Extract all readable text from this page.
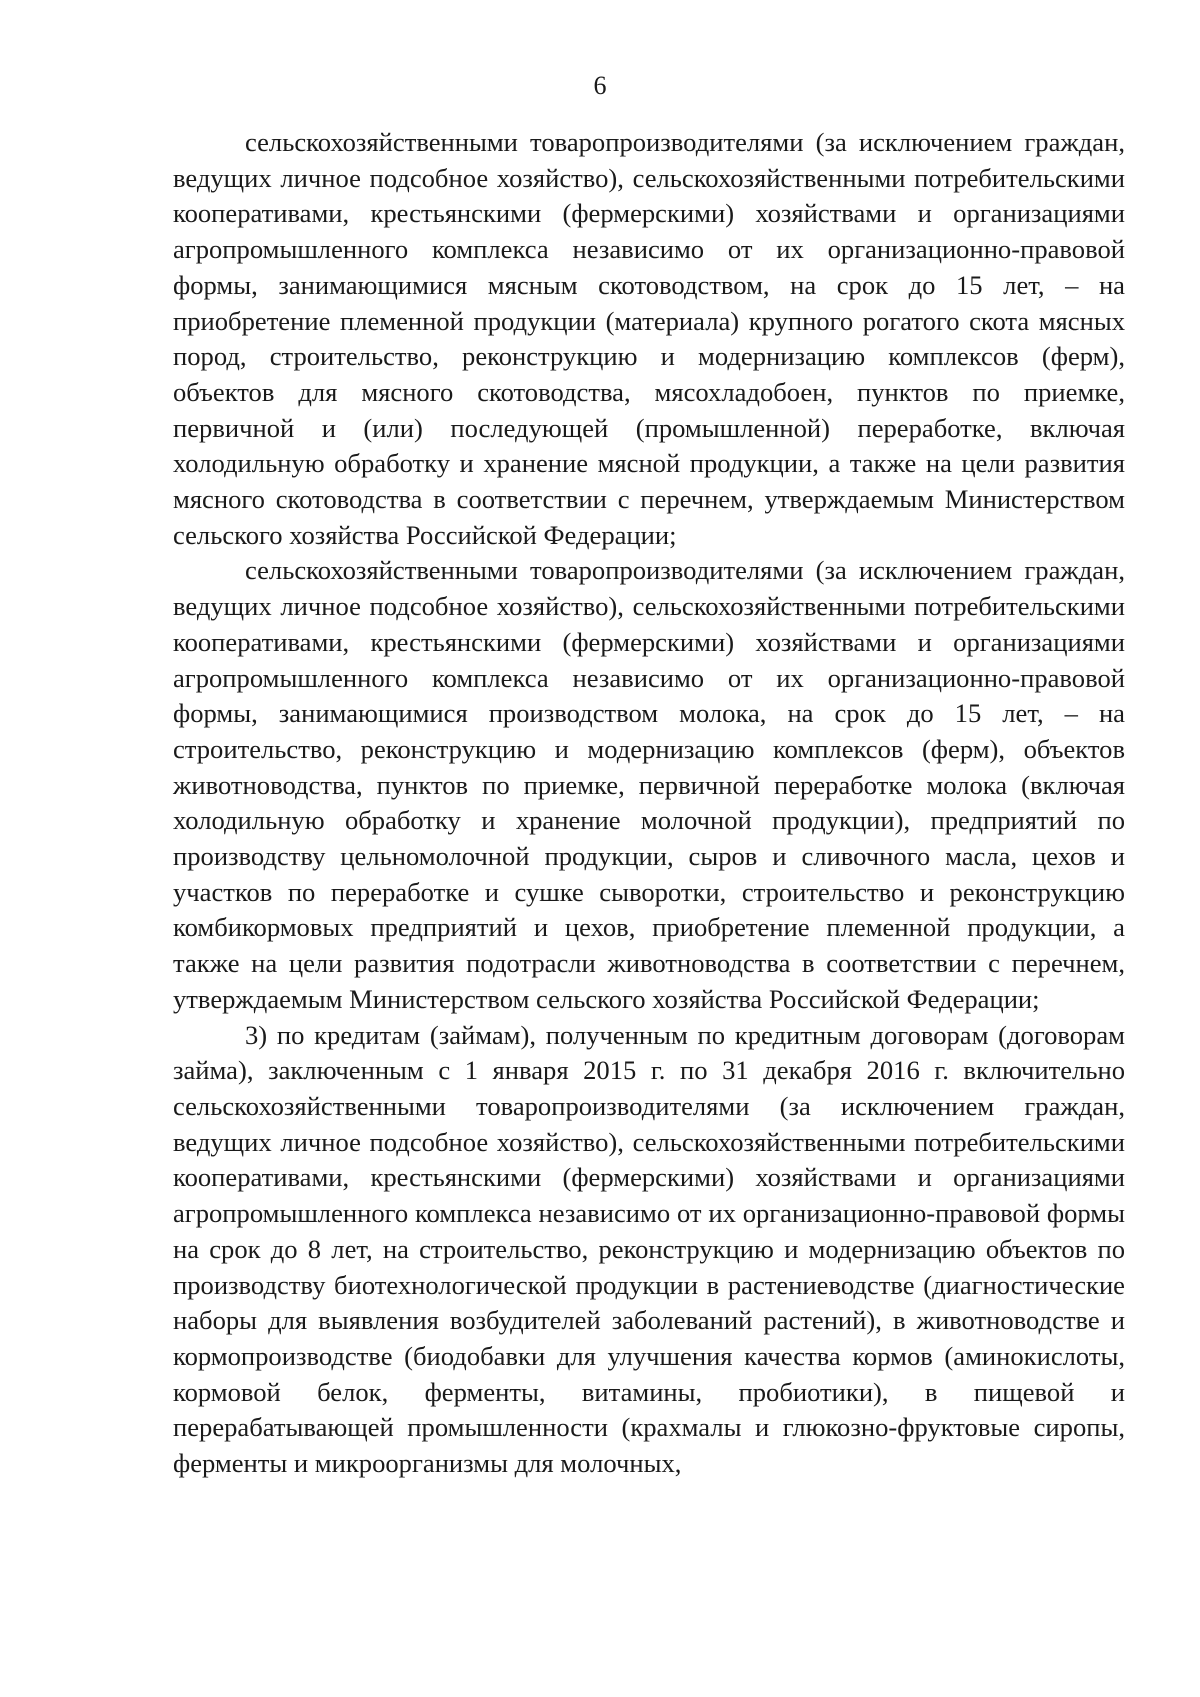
6

сельскохозяйственными товаропроизводителями (за исключением граждан, ведущих личное подсобное хозяйство), сельскохозяйственными потребительскими кооперативами, крестьянскими (фермерскими) хозяйствами и организациями агропромышленного комплекса независимо от их организационно-правовой формы, занимающимися мясным скотоводством, на срок до 15 лет, – на приобретение племенной продукции (материала) крупного рогатого скота мясных пород, строительство, реконструкцию и модернизацию комплексов (ферм), объектов для мясного скотоводства, мясохладобоен, пунктов по приемке, первичной и (или) последующей (промышленной) переработке, включая холодильную обработку и хранение мясной продукции, а также на цели развития мясного скотоводства в соответствии с перечнем, утверждаемым Министерством сельского хозяйства Российской Федерации;

сельскохозяйственными товаропроизводителями (за исключением граждан, ведущих личное подсобное хозяйство), сельскохозяйственными потребительскими кооперативами, крестьянскими (фермерскими) хозяйствами и организациями агропромышленного комплекса независимо от их организационно-правовой формы, занимающимися производством молока, на срок до 15 лет, – на строительство, реконструкцию и модернизацию комплексов (ферм), объектов животноводства, пунктов по приемке, первичной переработке молока (включая холодильную обработку и хранение молочной продукции), предприятий по производству цельномолочной продукции, сыров и сливочного масла, цехов и участков по переработке и сушке сыворотки, строительство и реконструкцию комбикормовых предприятий и цехов, приобретение племенной продукции, а также на цели развития подотрасли животноводства в соответствии с перечнем, утверждаемым Министерством сельского хозяйства Российской Федерации;

3) по кредитам (займам), полученным по кредитным договорам (договорам займа), заключенным с 1 января 2015 г. по 31 декабря 2016 г. включительно сельскохозяйственными товаропроизводителями (за исключением граждан, ведущих личное подсобное хозяйство), сельскохозяйственными потребительскими кооперативами, крестьянскими (фермерскими) хозяйствами и организациями агропромышленного комплекса независимо от их организационно-правовой формы на срок до 8 лет, на строительство, реконструкцию и модернизацию объектов по производству биотехнологической продукции в растениеводстве (диагностические наборы для выявления возбудителей заболеваний растений), в животноводстве и кормопроизводстве (биодобавки для улучшения качества кормов (аминокислоты, кормовой белок, ферменты, витамины, пробиотики), в пищевой и перерабатывающей промышленности (крахмалы и глюкозно-фруктовые сиропы, ферменты и микроорганизмы для молочных,
